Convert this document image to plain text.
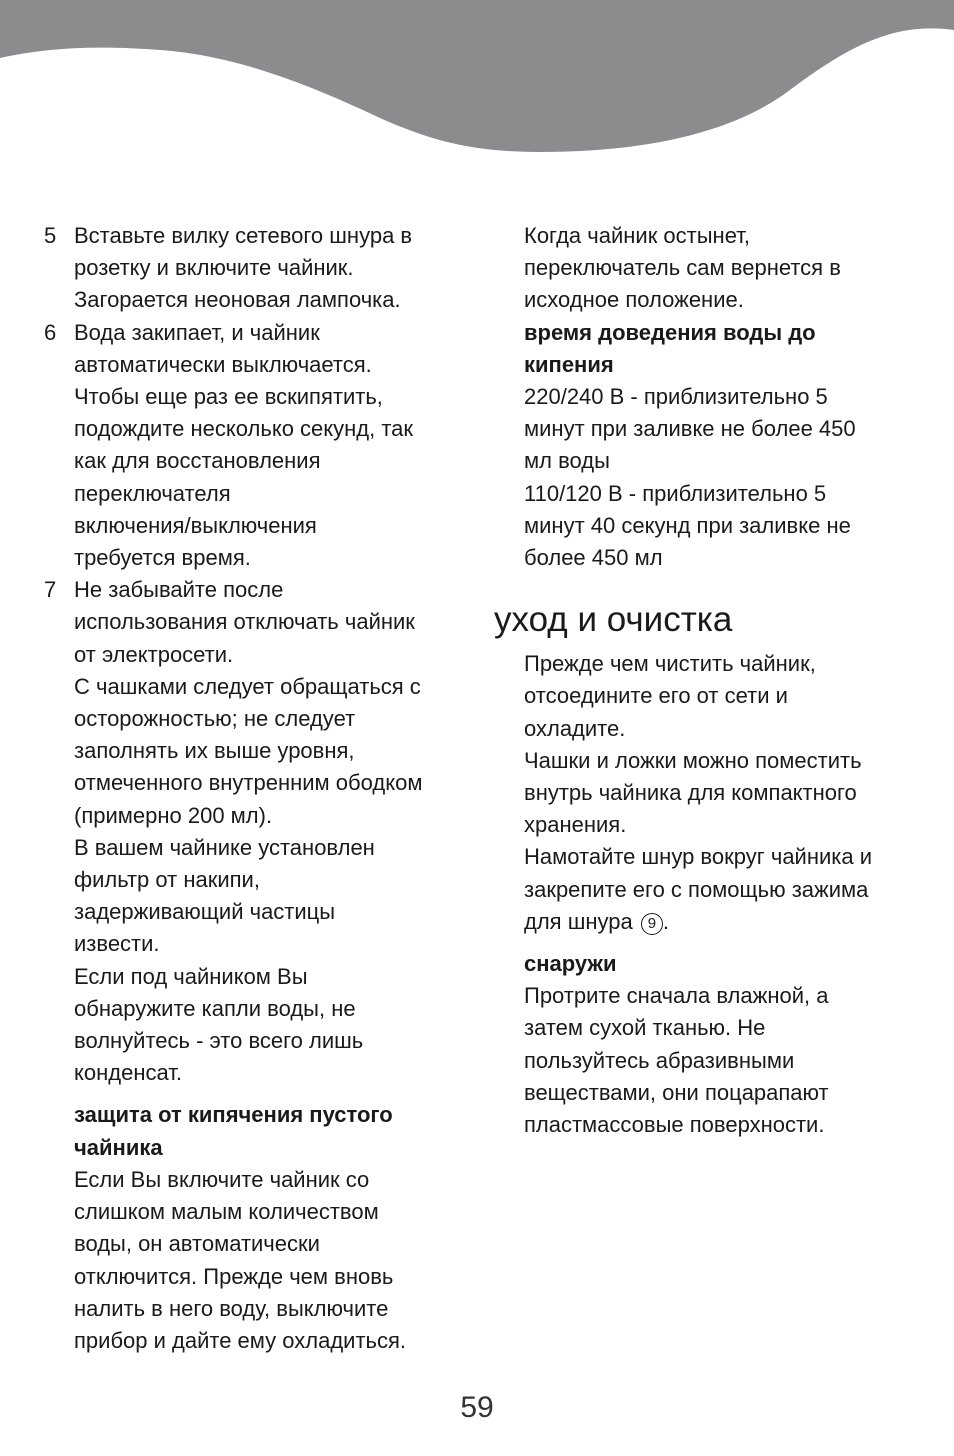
5 Вставьте вилку сетевого шнура в
розетку и включите чайник.
Загорается неоновая лампочка.
6 Вода закипает, и чайник
автоматически выключается.
Чтобы еще раз ее вскипятить,
подождите несколько секунд, так
как для восстановления
переключателя
включения/выключения
требуется время.
7 Не забывайте после
использования отключать чайник
от электросети.
С чашками следует обращаться с
осторожностью; не следует
заполнять их выше уровня,
отмеченного внутренним ободком
(примерно 200 мл).
В вашем чайнике установлен
фильтр от накипи,
задерживающий частицы
извести.
Если под чайником Вы
обнаружите капли воды, не
волнуйтесь - это всего лишь
конденсат.
защита от кипячения пустого
чайника
Если Вы включите чайник со
слишком малым количеством
воды, он автоматически
отключится. Прежде чем вновь
налить в него воду, выключите
прибор и дайте ему охладиться.
Когда чайник остынет,
переключатель сам вернется в
исходное положение.
время доведения воды до
кипения
220/240 В - приблизительно 5
минут при заливке не более 450
мл воды
110/120 В - приблизительно 5
минут 40 секунд при заливке не
более 450 мл
уход и очистка
Прежде чем чистить чайник,
отсоедините его от сети и
охладите.
Чашки и ложки можно поместить
внутрь чайника для компактного
хранения.
Намотайте шнур вокруг чайника и
закрепите его с помощью зажима
для шнура 9 .
снаружи
Протрите сначала влажной, а
затем сухой тканью. Не
пользуйтесь абразивными
веществами, они поцарапают
пластмассовые поверхности.
59
